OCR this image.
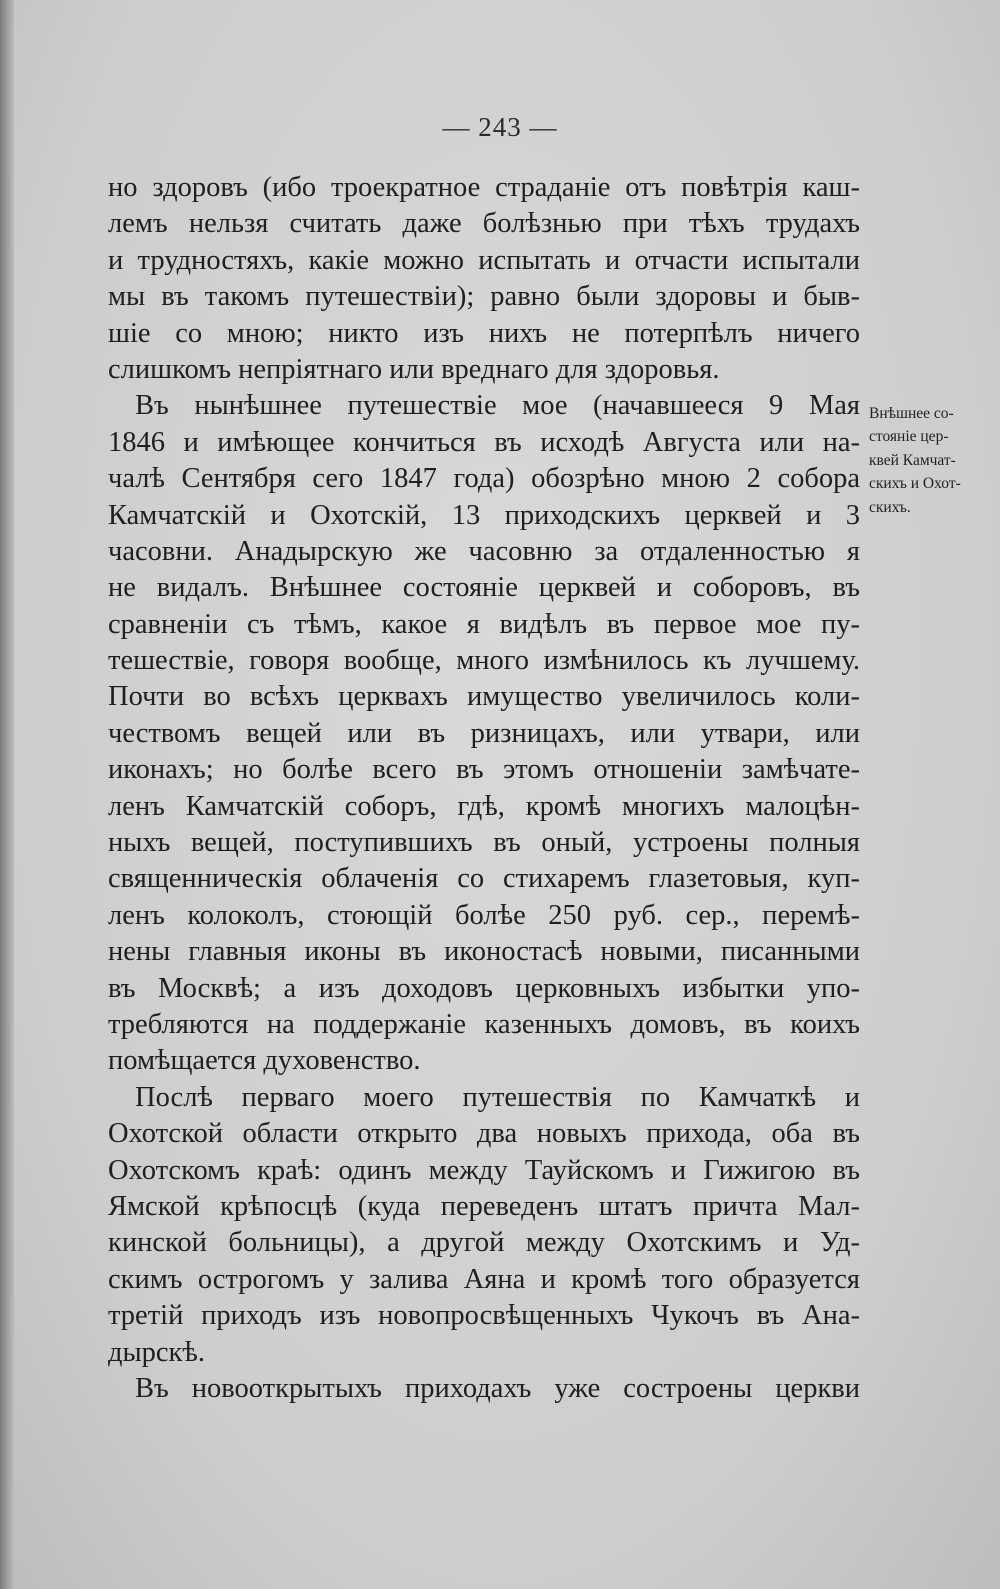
— 243 —
но здоровъ (ибо троекратное страданіе отъ повѣтрія каш-
лемъ нельзя считать даже болѣзнью при тѣхъ трудахъ
и трудностяхъ, какіе можно испытать и отчасти испытали
мы въ такомъ путешествіи); равно были здоровы и быв-
шіе со мною; никто изъ нихъ не потерпѣлъ ничего
слишкомъ непріятнаго или вреднаго для здоровья.
Въ нынѣшнее путешествіе мое (начавшееся 9 Мая
1846 и имѣющее кончиться въ исходѣ Августа или на-
чалѣ Сентября сего 1847 года) обозрѣно мною 2 собора
Камчатскій и Охотскій, 13 приходскихъ церквей и 3
часовни. Анадырскую же часовню за отдаленностью я
не видалъ. Внѣшнее состояніе церквей и соборовъ, въ
сравненіи съ тѣмъ, какое я видѣлъ въ первое мое пу-
тешествіе, говоря вообще, много измѣнилось къ лучшему.
Почти во всѣхъ церквахъ имущество увеличилось коли-
чествомъ вещей или въ ризницахъ, или утвари, или
иконахъ; но болѣе всего въ этомъ отношеніи замѣчате-
ленъ Камчатскій соборъ, гдѣ, кромѣ многихъ малоцѣн-
ныхъ вещей, поступившихъ въ оный, устроены полныя
священническія облаченія со стихаремъ глазетовыя, куп-
ленъ колоколъ, стоющій болѣе 250 руб. сер., перемѣ-
нены главныя иконы въ иконостасѣ новыми, писанными
въ Москвѣ; а изъ доходовъ церковныхъ избытки упо-
требляются на поддержаніе казенныхъ домовъ, въ коихъ
помѣщается духовенство.
Послѣ перваго моего путешествія по Камчаткѣ и
Охотской области открыто два новыхъ прихода, оба въ
Охотскомъ краѣ: одинъ между Тауйскомъ и Гижигою въ
Ямской крѣпосцѣ (куда переведенъ штатъ причта Мал-
кинской больницы), а другой между Охотскимъ и Уд-
скимъ острогомъ у залива Аяна и кромѣ того образуется
третій приходъ изъ новопросвѣщенныхъ Чукочъ въ Ана-
дырскѣ.
Въ новооткрытыхъ приходахъ уже состроены церкви
Внѣшнее со-
стояніе цер-
квей Камчат-
скихъ и Охот-
скихъ.
